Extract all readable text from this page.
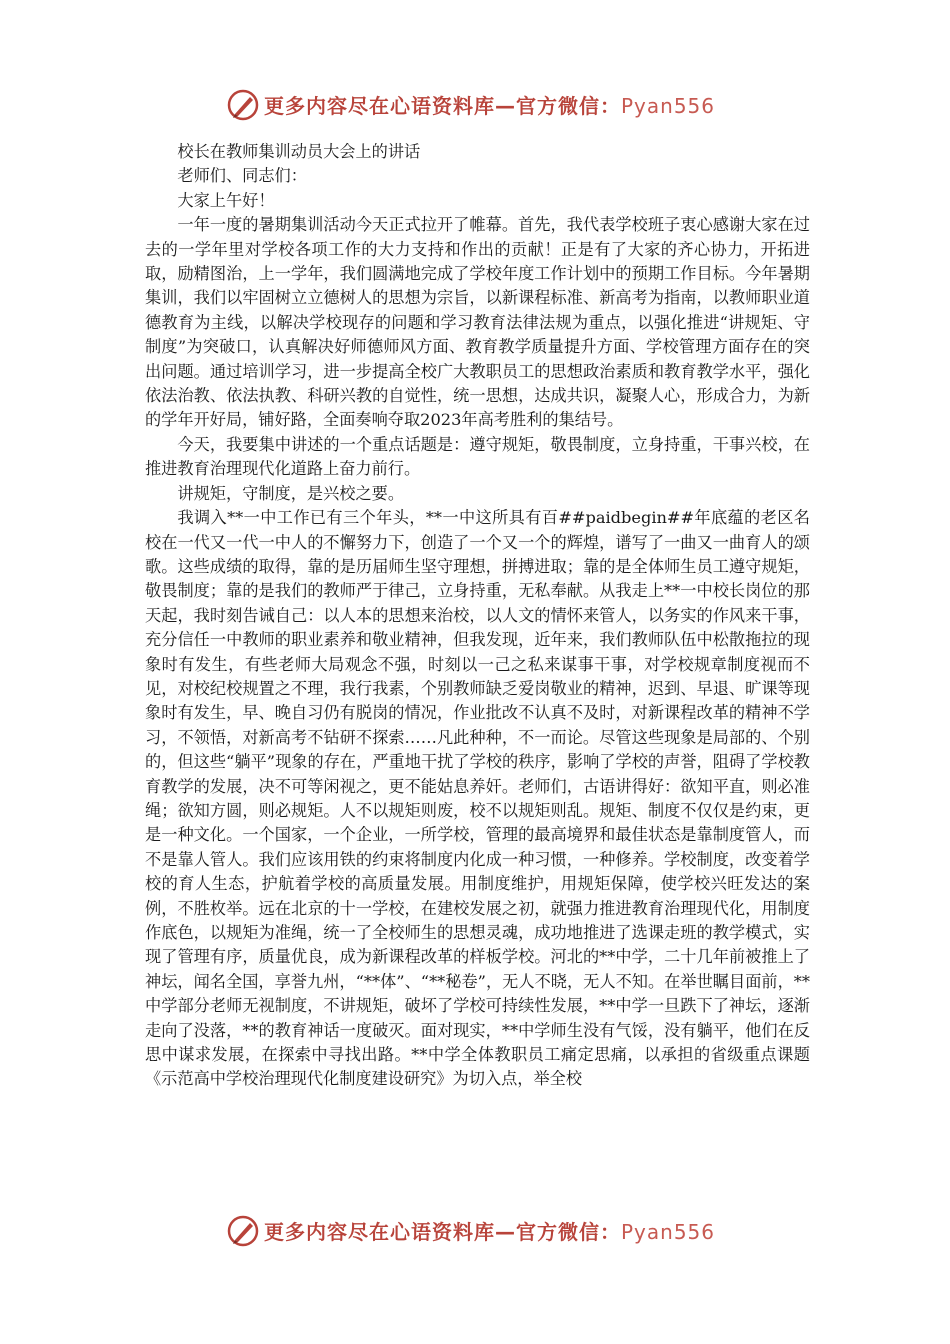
更多内容尽在心语资料库—官方微信：Pyan556

校长在教师集训动员大会上的讲话

老师们、同志们：

大家上午好！

一年一度的暑期集训活动今天正式拉开了帷幕。首先，我代表学校班子衷心感谢大家在过去的一学年里对学校各项工作的大力支持和作出的贡献！正是有了大家的齐心协力，开拓进取，励精图治，上一学年，我们圆满地完成了学校年度工作计划中的预期工作目标。今年暑期集训，我们以牢固树立立德树人的思想为宗旨，以新课程标准、新高考为指南，以教师职业道德教育为主线，以解决学校现存的问题和学习教育法律法规为重点，以强化推进“讲规矩、守制度”为突破口，认真解决好师德师风方面、教育教学质量提升方面、学校管理方面存在的突出问题。通过培训学习，进一步提高全校广大教职员工的思想政治素质和教育教学水平，强化依法治教、依法执教、科研兴教的自觉性，统一思想，达成共识，凝聚人心，形成合力，为新的学年开好局，铺好路，全面奏响夺取2023年高考胜利的集结号。

今天，我要集中讲述的一个重点话题是：遵守规矩，敬畏制度，立身持重，干事兴校，在推进教育治理现代化道路上奋力前行。

讲规矩，守制度，是兴校之要。

我调入**一中工作已有三个年头，**一中这所具有百##paidbegin##年底蕴的老区名校在一代又一代一中人的不懈努力下，创造了一个又一个的辉煌，谱写了一曲又一曲育人的颂歌。这些成绩的取得，靠的是历届师生坚守理想，拼搏进取；靠的是全体师生员工遵守规矩，敬畏制度；靠的是我们的教师严于律己，立身持重，无私奉献。从我走上**一中校长岗位的那天起，我时刻告诫自己：以人本的思想来治校，以人文的情怀来管人，以务实的作风来干事，充分信任一中教师的职业素养和敬业精神，但我发现，近年来，我们教师队伍中松散拖拉的现象时有发生，有些老师大局观念不强，时刻以一己之私来谋事干事，对学校规章制度视而不见，对校纪校规置之不理，我行我素，个别教师缺乏爱岗敬业的精神，迟到、早退、旷课等现象时有发生，早、晚自习仍有脱岗的情况，作业批改不认真不及时，对新课程改革的精神不学习，不领悟，对新高考不钻研不探索……凡此种种，不一而论。尽管这些现象是局部的、个别的，但这些“躺平”现象的存在，严重地干扰了学校的秩序，影响了学校的声誉，阻碍了学校教育教学的发展，决不可等闲视之，更不能姑息养奸。老师们，古语讲得好：欲知平直，则必准绳；欲知方圆，则必规矩。人不以规矩则废，校不以规矩则乱。规矩、制度不仅仅是约束，更是一种文化。一个国家，一个企业，一所学校，管理的最高境界和最佳状态是靠制度管人，而不是靠人管人。我们应该用铁的约束将制度内化成一种习惯，一种修养。学校制度，改变着学校的育人生态，护航着学校的高质量发展。用制度维护，用规矩保障，使学校兴旺发达的案例，不胜枚举。远在北京的十一学校，在建校发展之初，就强力推进教育治理现代化，用制度作底色，以规矩为准绳，统一了全校师生的思想灵魂，成功地推进了选课走班的教学模式，实现了管理有序，质量优良，成为新课程改革的样板学校。河北的**中学，二十几年前被推上了神坛，闻名全国，享誉九州，“**体”、“**秘卷”，无人不晓，无人不知。在举世瞩目面前，**中学部分老师无视制度，不讲规矩，破坏了学校可持续性发展，**中学一旦跌下了神坛，逐渐走向了没落，**的教育神话一度破灭。面对现实，**中学师生没有气馁，没有躺平，他们在反思中谋求发展，在探索中寻找出路。**中学全体教职员工痛定思痛，以承担的省级重点课题《示范高中学校治理现代化制度建设研究》为切入点，举全校

更多内容尽在心语资料库—官方微信：Pyan556
